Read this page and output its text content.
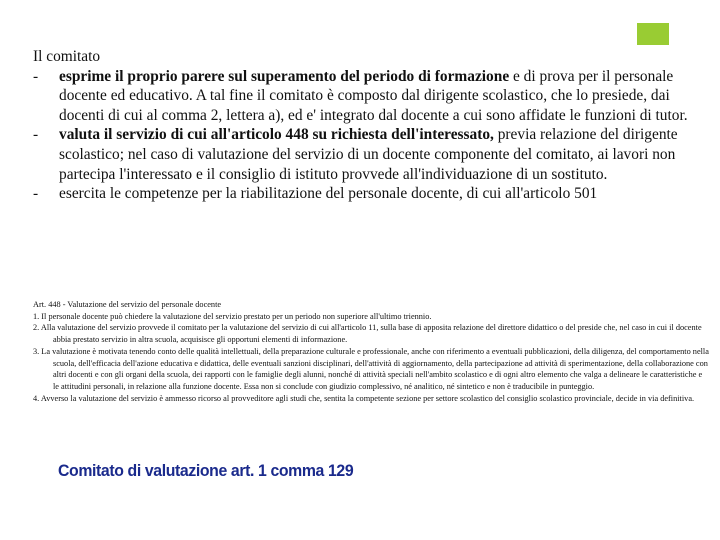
Il comitato

-	esprime il proprio parere sul superamento del periodo di formazione e di prova per il personale docente ed educativo. A tal fine il comitato è composto dal dirigente scolastico, che lo presiede, dai docenti di cui al comma 2, lettera a), ed e' integrato dal docente a cui sono affidate le funzioni di tutor.
-	valuta il servizio di cui all'articolo 448 su richiesta dell'interessato, previa relazione del dirigente scolastico; nel caso di valutazione del servizio di un docente componente del comitato, ai lavori non partecipa l'interessato e il consiglio di istituto provvede all'individuazione di un sostituto.
-	esercita le competenze per la riabilitazione del personale docente, di cui all'articolo 501

Art. 448 - Valutazione del servizio del personale docente

1. Il personale docente può chiedere la valutazione del servizio prestato per un periodo non superiore all'ultimo triennio.

2. Alla valutazione del servizio provvede il comitato per la valutazione del servizio di cui all'articolo 11, sulla base di apposita relazione del direttore didattico o del preside che, nel caso in cui il docente abbia prestato servizio in altra scuola, acquisisce gli opportuni elementi di informazione.

3. La valutazione è motivata tenendo conto delle qualità intellettuali, della preparazione culturale e professionale, anche con riferimento a eventuali pubblicazioni, della diligenza, del comportamento nella scuola, dell'efficacia dell'azione educativa e didattica, delle eventuali sanzioni disciplinari, dell'attività di aggiornamento, della partecipazione ad attività di sperimentazione, della collaborazione con altri docenti e con gli organi della scuola, dei rapporti con le famiglie degli alunni, nonché di attività speciali nell'ambito scolastico e di ogni altro elemento che valga a delineare le caratteristiche e le attitudini personali, in relazione alla funzione docente. Essa non si conclude con giudizio complessivo, né analitico, né sintetico e non è traducibile in punteggio.

4. Avverso la valutazione del servizio è ammesso ricorso al provveditore agli studi che, sentita la competente sezione per settore scolastico del consiglio scolastico provinciale, decide in via definitiva.

Comitato di valutazione art. 1 comma 129
